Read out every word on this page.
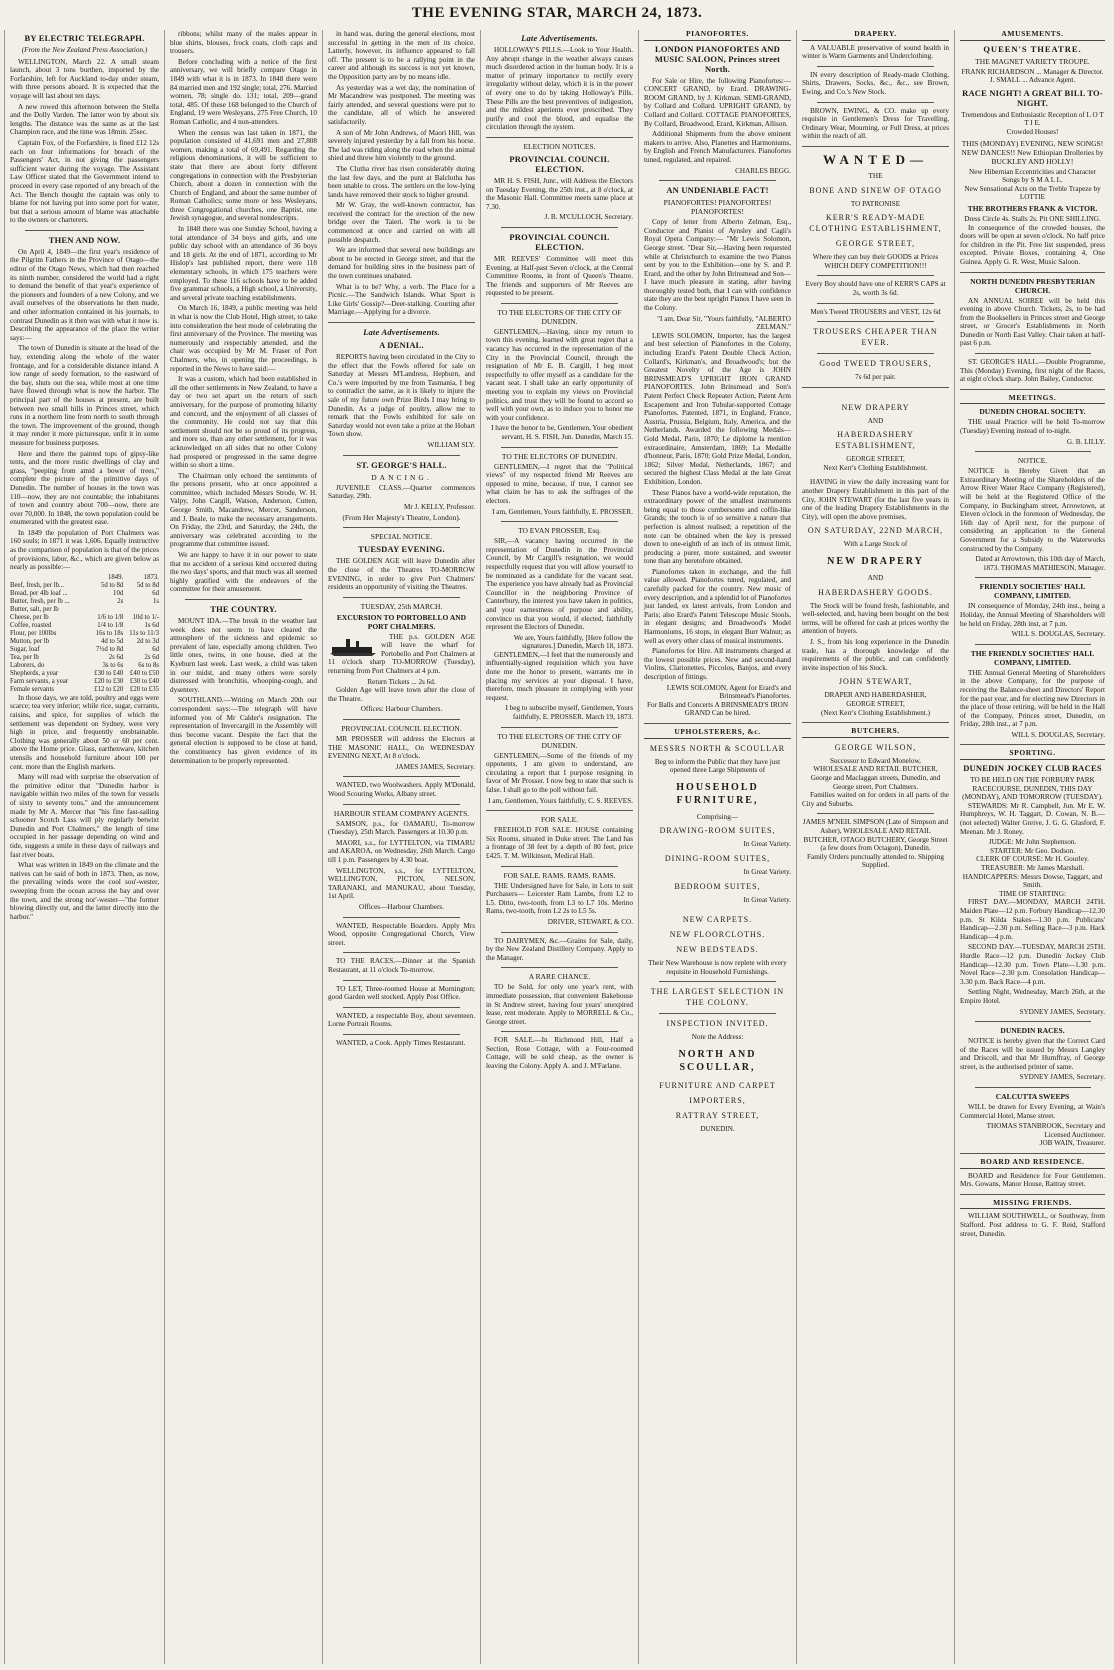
THE EVENING STAR, MARCH 24, 1873.
BY ELECTRIC TELEGRAPH.
(From the New Zealand Press Association.)

WELLINGTON, March 22. A small steam launch, about 3 tons burthen, imported by the Forfarshire, left for Auckland to-day under steam, with three persons aboard. It is expected that the voyage will last about ten days.

A new rowed this afternoon between the Stella and the Dolly Varden. The latter won by about six lengths. The distance was the same as at the last Champion race, and the time was 18min. 25sec.

Captain Fox, of the Forfarshire, is fined £12 12s each on four informations for breach of the Passengers' Act, in not giving the passengers sufficient water during the voyage. The Assistant Law Officer stated that the Government intend to proceed in every case reported of any breach of the Act. The Bench thought the captain was only to blame for not having put into some port for water, but that a serious amount of blame was attachable to the owners or charterers.

THEN AND NOW.

On April 4, 1849—the first year's residence of the Pilgrim Fathers in the Province of Otago—the editor of the Otago News, which had then reached its ninth number, considered the world had a right to demand the benefit of that year's experience of the pioneers and founders of a new Colony, and we avail ourselves of the observations he then made, and other information contained in his journals, to contrast Dunedin as it then was with what it now is. Describing the appearance of the place the writer says:—

The town of Dunedin is situate at the head of the bay, extending along the whole of the water frontage, and for a considerable distance inland. A low range of seedy formation, to the eastward of the bay, shuts out the sea, while most at one time have flowed through what is now the harbor. The principal part of the houses at present, are built between two small hills in Princes street, which runs in a northern line from north to south through the town. The improvement of the ground, though it may render it more picturesque, unfit it in some measure for business purposes.

Here and there the painted tops of gipsy-like tents, and the more rustic dwellings of clay and grass, "peeping from amid a bower of trees," complete the picture of the primitive days of Dunedin. The number of houses in the town was 110—now, they are not countable; the inhabitants of town and country about 700—now, there are over 70,000. In 1848, the town population could be enumerated with the greatest ease.

In 1849 the population of Port Chalmers was 160 souls; in 1871 it was 1,606. Equally instructive as the comparison of population is that of the prices of provisions, labor, &c., which are given below as nearly as possible:—

	1849.	1873.
Beef, fresh, per lb...	5d to 8d	5d to 8d
Bread, per 4lb loaf ...	10d	6d
Butter, fresh, per lb ...	2s	1s
Butter, salt, per lb		
Cheese, per lb	1/6 to 1/8	10d to 1/-
Coffee, roasted	1/4 to 1/8	1s 6d
Flour, per 100lbs	16s to 18s	11s to 11/3
Mutton, per lb	4d to 5d	2d to 3d
Sugar, loaf	7½d to 8d	6d
Tea, per lb	2s 6d	2s 6d
Laborers, do	3s to 6s	6s to 8s
Shepherds, a year	£30 to £40	£40 to £50
Farm servants, a year	£20 to £30	£30 to £40
Female servants	£12 to £20	£20 to £35

In those days, we are told, poultry and eggs were scarce; tea very inferior; while rice, sugar, currants, raisins, and spice, for supplies of which the settlement was dependent on Sydney, were very high in price, and frequently unobtainable. Clothing was generally about 50 or 60 per cent. above the Home price. Glass, earthenware, kitchen utensils and household furniture about 100 per cent. more than the English markets.

Many will read with surprise the observation of the primitive editor that "Dunedin harbor is navigable within two miles of the town for vessels of sixty to seventy tons," and the announcement made by Mr A. Mercer that "his fine fast-sailing schooner Scotch Lass will ply regularly betwixt Dunedin and Port Chalmers," the length of time occupied in her passage depending on wind and tide, suggests a smile in these days of railways and fast river boats.

What was written in 1849 on the climate and the natives can be said of both in 1873. Then, as now, the prevailing winds were the cool sou'-wester, sweeping from the ocean across the bay and over the town, and the strong nor'-wester—"the former blowing directly out, and the latter directly into the harbor."

ribbons; whilst many of the males appear in blue shirts, blouses, frock coats, cloth caps and trousers.

Before concluding with a notice of the first anniversary, we will briefly compare Otago in 1849 with what it is in 1873. In 1848 there were 84 married men and 192 single; total, 276. Married women, 78; single do. 131; total, 209—grand total, 485. Of these 168 belonged to the Church of England, 19 were Wesleyans, 275 Free Church, 10 Roman Catholic, and 4 non-attenders.

When the census was last taken in 1871, the population consisted of 41,691 men and 27,808 women, making a total of 69,491. Regarding the religious denominations, it will be sufficient to state that there are about forty different congregations in connection with the Presbyterian Church, about a dozen in connection with the Church of England, and about the same number of Roman Catholics; some more or less Wesleyans, three Congregational churches, one Baptist, one Jewish synagogue, and several nondescripts.

In 1848 there was one Sunday School, having a total attendance of 34 boys and girls, and one public day school with an attendance of 36 boys and 18 girls. At the end of 1871, according to Mr Hislop's last published report, there were 118 elementary schools, in which 175 teachers were employed. To these 116 schools have to be added five grammar schools, a High school, a University, and several private teaching establishments.

On March 16, 1849, a public meeting was held in what is now the Club Hotel, High street, to take into consideration the best mode of celebrating the first anniversary of the Province. The meeting was numerously and respectably attended, and the chair was occupied by Mr M. Fraser of Port Chalmers, who, in opening the proceedings, is reported in the News to have said:—

It was a custom, which had been established in all the other settlements in New Zealand, to have a day or two set apart on the return of such anniversary, for the purpose of promoting hilarity and concord, and the enjoyment of all classes of the community. He could not say that this settlement should not be so proud of its progress, and more so, than any other settlement, for it was acknowledged on all sides that no other Colony had prospered or progressed in the same degree within so short a time.

The Chairman only echoed the sentiments of the persons present, who at once appointed a committee, which included Messrs Strode, W. H. Valpy, John Cargill, Watson, Anderson, Cutten, George Smith, Macandrew, Mercer, Sanderson, and J. Beale, to make the necessary arrangements. On Friday, the 23rd, and Saturday, the 24th, the anniversary was celebrated according to the programme that committee issued.

We are happy to have it in our power to state that no accident of a serious kind occurred during the two days' sports, and that much was all seemed highly gratified with the endeavors of the committee for their amusement.

THE COUNTRY.

MOUNT IDA.—The break in the weather last week does not seem to have cleared the atmosphere of the sickness and epidemic so prevalent of late, especially among children. Two little ones, twins, in one house, died at the Kyeburn last week. Last week, a child was taken in our midst, and many others were sorely distressed with bronchitis, whooping-cough, and dysentery.

SOUTHLAND.—Writing on March 20th our correspondent says:—The telegraph will have informed you of Mr Calder's resignation. The representation of Invercargill in the Assembly will thus become vacant. Despite the fact that the general election is supposed to be close at hand, the constituency has given evidence of its determination to be properly represented.

in hand was, during the general elections, most successful in getting in the men of its choice. Latterly, however, its influence appeared to fall off. The present is to be a rallying point in the career and although its success is not yet known, the Opposition party are by no means idle.

As yesterday was a wet day, the nomination of Mr Macandrew was postponed. The meeting was fairly attended, and several questions were put to the candidate, all of which he answered satisfactorily.

A son of Mr John Andrews, of Maori Hill, was severely injured yesterday by a fall from his horse. The lad was riding along the road when the animal shied and threw him violently to the ground.

The Clutha river has risen considerably during the last few days, and the punt at Balclutha has been unable to cross. The settlers on the low-lying lands have removed their stock to higher ground.

Mr W. Gray, the well-known contractor, has received the contract for the erection of the new bridge over the Taieri. The work is to be commenced at once and carried on with all possible despatch.

We are informed that several new buildings are about to be erected in George street, and that the demand for building sites in the business part of the town continues unabated.

What is to be? Why, a verb. The Place for a Picnic.—The Sandwich Islands. What Sport is Like Girls' Gossip?—Deer-stalking. Courting after Marriage.—Applying for a divorce.

Late Advertisements.
A DENIAL.

REPORTS having been circulated in the City to the effect that the Fowls offered for sale on Saturday at Messrs M'Landress, Hepburn, and Co.'s were imported by me from Tasmania, I beg to contradict the same, as it is likely to injure the sale of my future own Prize Birds I may bring to Dunedin. As a judge of poultry, allow me to remark that the Fowls exhibited for sale on Saturday would not even take a prize at the Hobart Town show.

WILLIAM SLY.
ST. GEORGE'S HALL.
DANCING.

JUVENILE CLASS.—Quarter commences Saturday, 29th.

Mr J. KELLY, Professor.
(From Her Majesty's Theatre, London).
SPECIAL NOTICE.
TUESDAY EVENING.

THE GOLDEN AGE will leave Dunedin after the close of the Theatres TO-MORROW EVENING, in order to give Port Chalmers' residents an opportunity of visiting the Theatres.

TUESDAY, 25th MARCH.
EXCURSION TO PORTOBELLO AND PORT CHALMERS.

THE p.s. GOLDEN AGE will leave the wharf for Portobello and Port Chalmers at 11 o'clock sharp TO-MORROW (Tuesday), returning from Port Chalmers at 4 p.m.

Return Tickets ... 2s 6d.

Golden Age will leave town after the close of the Theatre.

Offices: Harbour Chambers.
PROVINCIAL COUNCIL ELECTION.

MR PROSSER will address the Electors at THE MASONIC HALL, On WEDNESDAY EVENING NEXT, At 8 o'clock.

JAMES JAMES, Secretary.

WANTED, two Woolwashers. Apply M'Donald, Wood Scouring Works, Albany street.

HARBOUR STEAM COMPANY AGENTS.

SAMSON, p.s., for OAMARU, To-morrow (Tuesday), 25th March. Passengers at 10.30 p.m.

MAORI, s.s., for LYTTELTON, via TIMARU and AKAROA, on Wednesday, 26th March. Cargo till 1 p.m. Passengers by 4.30 boat.

WELLINGTON, s.s., for LYTTELTON, WELLINGTON, PICTON, NELSON, TARANAKI, and MANUKAU, about Tuesday, 1st April.

Offices—Harbour Chambers.

WANTED, Respectable Boarders. Apply Mrs Wood, opposite Congregational Church, View street.

TO THE RACES.—Dinner at the Spanish Restaurant, at 11 o'clock To-morrow.

TO LET, Three-roomed House at Mornington; good Garden well stocked. Apply Post Office.

WANTED, a respectable Boy, about seventeen. Lorne Portrait Rooms.

WANTED, a Cook. Apply Times Restaurant.

Late Advertisements.

HOLLOWAY'S PILLS.—Look to Your Health. Any abrupt change in the weather always causes much disordered action in the human body. It is a matter of primary importance to rectify every irregularity without delay, which it is in the power of every one to do by taking Holloway's Pills. These Pills are the best preventives of indigestion, and the mildest aperients ever prescribed. They purify and cool the blood, and equalise the circulation through the system.

ELECTION NOTICES.
PROVINCIAL COUNCIL ELECTION.

MR H. S. FISH, Junr., will Address the Electors on Tuesday Evening, the 25th inst., at 8 o'clock, at the Masonic Hall. Committee meets same place at 7.30.

J. B. M'CULLOCH, Secretary.
PROVINCIAL COUNCIL ELECTION.

MR REEVES' Committee will meet this Evening, at Half-past Seven o'clock, at the Central Committee Rooms, in front of Queen's Theatre. The friends and supporters of Mr Reeves are requested to be present.

TO THE ELECTORS OF THE CITY OF DUNEDIN.

GENTLEMEN,—Having, since my return to town this evening, learned with great regret that a vacancy has occurred in the representation of the City in the Provincial Council, through the resignation of Mr E. B. Cargill, I beg most respectfully to offer myself as a candidate for the vacant seat. I shall take an early opportunity of meeting you to explain my views on Provincial politics, and trust they will be found to accord so well with your own, as to induce you to honor me with your confidence.

I have the honor to be, Gentlemen, Your obedient servant, H. S. FISH, Jun. Dunedin, March 15.
TO THE ELECTORS OF DUNEDIN.

GENTLEMEN,—I regret that the "Political views" of my respected friend Mr Reeves are opposed to mine, because, if true, I cannot see what claim he has to ask the suffrages of the electors.

I am, Gentlemen, Yours faithfully, E. PROSSER.
TO EVAN PROSSER, Esq.

SIR,—A vacancy having occurred in the representation of Dunedin in the Provincial Council, by Mr Cargill's resignation, we would respectfully request that you will allow yourself to be nominated as a candidate for the vacant seat. The experience you have already had as Provincial Councillor in the neighboring Province of Canterbury, the interest you have taken in politics, and your earnestness of purpose and ability, convince us that you would, if elected, faithfully represent the Electors of Dunedin.

We are, Yours faithfully, [Here follow the signatures.] Dunedin, March 18, 1873.

GENTLEMEN,—I feel that the numerously and influentially-signed requisition which you have done me the honor to present, warrants me in placing my services at your disposal. I have, therefore, much pleasure in complying with your request.

I beg to subscribe myself, Gentlemen, Yours faithfully, E. PROSSER. March 19, 1873.
TO THE ELECTORS OF THE CITY OF DUNEDIN.

GENTLEMEN,—Some of the friends of my opponents, I am given to understand, are circulating a report that I purpose resigning in favor of Mr Prosser. I now beg to state that such is false. I shall go to the poll without fail.

I am, Gentlemen, Yours faithfully, C. S. REEVES.
FOR SALE.

FREEHOLD FOR SALE. HOUSE containing Six Rooms, situated in Duke street. The Land has a frontage of 38 feet by a depth of 80 feet, price £425. T. M. Wilkinson, Medical Hall.

FOR SALE. RAMS. RAMS. RAMS.

THE Undersigned have for Sale, in Lots to suit Purchasers— Leicester Ram Lambs, from L2 to L5. Ditto, two-tooth, from L3 to L7 10s. Merino Rams, two-tooth, from L2 2s to L5 5s.

DRIVER, STEWART, & CO.

TO DAIRYMEN, &c.—Grains for Sale, daily, by the New Zealand Distillery Company. Apply to the Manager.

A RARE CHANCE.

TO be Sold, for only one year's rent, with immediate possession, that convenient Bakehouse in St Andrew street, having four years' unexpired lease, rent moderate. Apply to MORRELL & Co., George street.

FOR SALE.—In Richmond Hill, Half a Section, Rose Cottage, with a Four-roomed Cottage, will be sold cheap, as the owner is leaving the Colony. Apply A. and J. M'Farlane.

PIANOFORTES.
LONDON PIANOFORTES AND MUSIC SALOON, Princes street North.

For Sale or Hire, the following Pianofortes:— CONCERT GRAND, by Erard. DRAWING-ROOM GRAND, by J. Kirkman. SEMI-GRAND, by Collard and Collard. UPRIGHT GRAND, by Collard and Collard. COTTAGE PIANOFORTES, By Collard, Broadwood, Erard, Kirkman, Allison.

Additional Shipments from the above eminent makers to arrive. Also, Planettes and Harmoniums, by English and French Manufacturers. Pianofortes tuned, regulated, and repaired.

CHARLES BEGG.
AN UNDENIABLE FACT!
PIANOFORTES! PIANOFORTES! PIANOFORTES!

Copy of letter from Alberto Zelman, Esq., Conductor and Pianist of Aynsley and Cagli's Royal Opera Company:— "Mr Lewis Solomon, George street. "Dear Sir,—Having been requested while at Christchurch to examine the two Pianos sent by you to the Exhibition—one by S. and P. Erard, and the other by John Brinsmead and Son—I have much pleasure in stating, after having thoroughly tested both, that I can with confidence state they are the best upright Pianos I have seen in the Colony.

"I am, Dear Sir, "Yours faithfully, "ALBERTO ZELMAN."

LEWIS SOLOMON, Importer, has the largest and best selection of Pianofortes in the Colony, including Erard's Patent Double Check Action, Collard's, Kirkman's, and Broadwood's; but the Greatest Novelty of the Age is JOHN BRINSMEAD'S UPRIGHT IRON GRAND PIANOFORTES. John Brinsmead and Son's Patent Perfect Check Repeater Action, Patent Arm Escapement and Iron Tubular-supported Cottage Pianofortes. Patented, 1871, in England, France, Austria, Prussia, Belgium, Italy, America, and the Netherlands. Awarded the following Medals—Gold Medal, Paris, 1870; Le diplome la mention extraordinaire, Amsterdam, 1869; La Medaille d'honneur, Paris, 1870; Gold Prize Medal, London, 1862; Silver Medal, Netherlands, 1867; and secured the highest Class Medal at the late Great Exhibition, London.

These Pianos have a world-wide reputation, the extraordinary power of the smallest instruments being equal to those cumbersome and coffin-like Grands; the touch is of so sensitive a nature that perfection is almost realised; a repetition of the note can be obtained when the key is pressed down to one-eighth of an inch of its utmost limit, producing a purer, more sustained, and sweeter tone than any heretofore obtained.

Pianofortes taken in exchange, and the full value allowed. Pianofortes tuned, regulated, and carefully packed for the country. New music of every description, and a splendid lot of Pianofortes just landed, ex latest arrivals, from London and Paris; also Erard's Patent Telescope Music Stools, in elegant designs; and Broadwood's Model Harmoniums, 16 stops, in elegant Burr Walnut; as well as every other class of musical instruments.

Pianofortes for Hire. All instruments charged at the lowest possible prices. New and second-hand Violins, Clarionettes, Piccolos, Banjos, and every description of fittings.

LEWIS SOLOMON, Agent for Erard's and Brinsmead's Pianofortes.
For Balls and Concerts A BRINSMEAD'S IRON GRAND Can be hired.
UPHOLSTERERS, &c.
MESSRS NORTH & SCOULLAR
Beg to inform the Public that they have just opened three Large Shipments of
HOUSEHOLD FURNITURE,
Comprising—
DRAWING-ROOM SUITES,
In Great Variety.
DINING-ROOM SUITES,
In Great Variety.
BEDROOM SUITES,
In Great Variety.
NEW CARPETS.
NEW FLOORCLOTHS.
NEW BEDSTEADS.
Their New Warehouse is now replete with every requisite in Household Furnishings.
THE LARGEST SELECTION IN THE COLONY.
INSPECTION INVITED.
Note the Address:
NORTH AND SCOULLAR,
FURNITURE AND CARPET
IMPORTERS,
RATTRAY STREET,
DUNEDIN.
DRAPERY.

A VALUABLE preservative of sound health in winter is Warm Garments and Underclothing.

IN every description of Ready-made Clothing, Shirts, Drawers, Socks, &c., &c., see Brown, Ewing, and Co.'s New Stock.

BROWN, EWING, & CO. make up every requisite in Gentlemen's Dress for Travelling, Ordinary Wear, Mourning, or Full Dress, at prices within the reach of all.

WANTED—
THE
BONE AND SINEW OF OTAGO
TO PATRONISE
KERR'S READY-MADE CLOTHING ESTABLISHMENT,
GEORGE STREET,
Where they can buy their GOODS at Prices WHICH DEFY COMPETITION!!!
Every Boy should have one of KERR'S CAPS at 2s, worth 3s 6d.
Men's Tweed TROUSERS and VEST, 12s 6d
TROUSERS CHEAPER THAN EVER.
Good TWEED TROUSERS,
7s 6d per pair.
NEW DRAPERY
AND
HABERDASHERY ESTABLISHMENT,
GEORGE STREET,
Next Kerr's Clothing Establishment.

HAVING in view the daily increasing want for another Drapery Establishment in this part of the City, JOHN STEWART (for the last five years in one of the leading Drapery Establishments in the City), will open the above premises,

ON SATURDAY, 22ND MARCH,
With a Large Stock of
NEW DRAPERY
AND
HABERDASHERY GOODS.

The Stock will be found fresh, fashionable, and well-selected, and, having been bought on the best terms, will be offered for cash at prices worthy the attention of buyers.

J. S., from his long experience in the Dunedin trade, has a thorough knowledge of the requirements of the public, and can confidently invite inspection of his Stock.

JOHN STEWART,
DRAPER AND HABERDASHER,
GEORGE STREET,
(Next Kerr's Clothing Establishment.)
BUTCHERS.
GEORGE WILSON,
Successor to Edward Monelow,
WHOLESALE AND RETAIL BUTCHER,
George and Maclaggan streets, Dunedin, and George street, Port Chalmers.

Families waited on for orders in all parts of the City and Suburbs.

JAMES M'NEIL SIMPSON (Late of Simpson and Asher), WHOLESALE AND RETAIL BUTCHER, OTAGO BUTCHERY, George Street (a few doors from Octagon), Dunedin.
Family Orders punctually attended to. Shipping Supplied.
AMUSEMENTS.
QUEEN'S THEATRE.
THE MAGNET VARIETY TROUPE.
FRANK RICHARDSON ... Manager & Director. J. SMALL ... Advance Agent.
RACE NIGHT! A GREAT BILL TO-NIGHT.
Tremendous and Enthusiastic Reception of L O T T I E.
Crowded Houses!
THIS (MONDAY) EVENING, NEW SONGS! NEW DANCES!! New Ethiopian Drolleries by BUCKLEY AND HOLLY!
New Hibernian Eccentricities and Character Songs by S M A L L.
New Sensational Acts on the Treble Trapeze by LOTTIE
THE BROTHERS FRANK & VICTOR.
Dress Circle 4s. Stalls 2s. Pit ONE SHILLING.

In consequence of the crowded houses, the doors will be open at seven o'clock. No half price for children in the Pit. Free list suspended, press excepted. Private Boxes, containing 4, One Guinea. Apply G. R. West, Music Saloon.

NORTH DUNEDIN PRESBYTERIAN CHURCH.

AN ANNUAL SOIREE will be held this evening in above Church. Tickets, 2s, to be had from the Booksellers in Princes street and George street, or Grocer's Establishments in North Dunedin or North East Valley. Chair taken at half-past 6 p.m.

ST. GEORGE'S HALL.—Double Programme, This (Monday) Evening, first night of the Races, at eight o'clock sharp. John Bailey, Conductor.

MEETINGS.
DUNEDIN CHORAL SOCIETY.

THE usual Practice will be held To-morrow (Tuesday) Evening instead of to-night.

G. B. LILLY.
NOTICE.

NOTICE is Hereby Given that an Extraordinary Meeting of the Shareholders of the Arrow River Water Race Company (Registered), will be held at the Registered Office of the Company, in Buckingham street, Arrowtown, at Eleven o'clock in the forenoon of Wednesday, the 16th day of April next, for the purpose of considering an application to the General Government for a Subsidy to the Waterworks constructed by the Company.

Dated at Arrowtown, this 10th day of March, 1873. THOMAS MATHIESON, Manager.
FRIENDLY SOCIETIES' HALL COMPANY, LIMITED.

IN consequence of Monday, 24th inst., being a Holiday, the Annual Meeting of Shareholders will be held on Friday, 28th inst, at 7 p.m.

WILL S. DOUGLAS, Secretary.
THE FRIENDLY SOCIETIES' HALL COMPANY, LIMITED.

THE Annual General Meeting of Shareholders in the above Company, for the purpose of receiving the Balance-sheet and Directors' Report for the past year, and for electing new Directors in the place of those retiring, will be held in the Hall of the Company, Princes street, Dunedin, on Friday, 28th inst., at 7 p.m.

WILL S. DOUGLAS, Secretary.
SPORTING.
DUNEDIN JOCKEY CLUB RACES
TO BE HELD ON THE FORBURY PARK RACECOURSE, DUNEDIN, THIS DAY (MONDAY), AND TOMORROW (TUESDAY).

STEWARDS: Mr R. Campbell, Jun. Mr E. W. Humphreys, W. H. Taggart, D. Cowan, N. B.—(not selected) Walter Greive, J. G. G. Glasford, F. Meenan. Mr J. Roney.

JUDGE: Mr John Stephenson.
STARTER: Mr Geo. Dodson.
CLERK OF COURSE: Mr H. Gourley. TREASURER: Mr James Marshall.
HANDICAPPERS: Messrs Dowse, Taggart, and Smith.
TIME OF STARTING:

FIRST DAY.—MONDAY, MARCH 24TH. Maiden Plate—12 p.m. Forbury Handicap—12.30 p.m. St Kilda Stakes—1.30 p.m. Publicans' Handicap—2.30 p.m. Selling Race—3 p.m. Hack Handicap—4 p.m.

SECOND DAY.—TUESDAY, MARCH 25TH. Hurdle Race—12 p.m. Dunedin Jockey Club Handicap—12.30 p.m. Town Plate—1.30 p.m. Novel Race—2.30 p.m. Consolation Handicap—3.30 p.m. Back Race—4 p.m.

Settling Night, Wednesday, March 26th, at the Empire Hotel.

SYDNEY JAMES, Secretary.
DUNEDIN RACES.

NOTICE is hereby given that the Correct Card of the Races will be issued by Messrs Langley and Driscoll, and that Mr Humffray, of George street, is the authorised printer of same.

SYDNEY JAMES, Secretary.
CALCUTTA SWEEPS

WILL be drawn for Every Evening, at Wain's Commercial Hotel, Manse street.

THOMAS STANBROOK, Secretary and Licensed Auctioneer.
JOB WAIN, Treasurer.
BOARD AND RESIDENCE.

BOARD and Residence for Four Gentlemen. Mrs. Gowans, Manor House, Rattray street.

MISSING FRIENDS.

WILLIAM SOUTHWELL, or Southway, from Stafford. Post address to G. F. Reid, Stafford street, Dunedin.
